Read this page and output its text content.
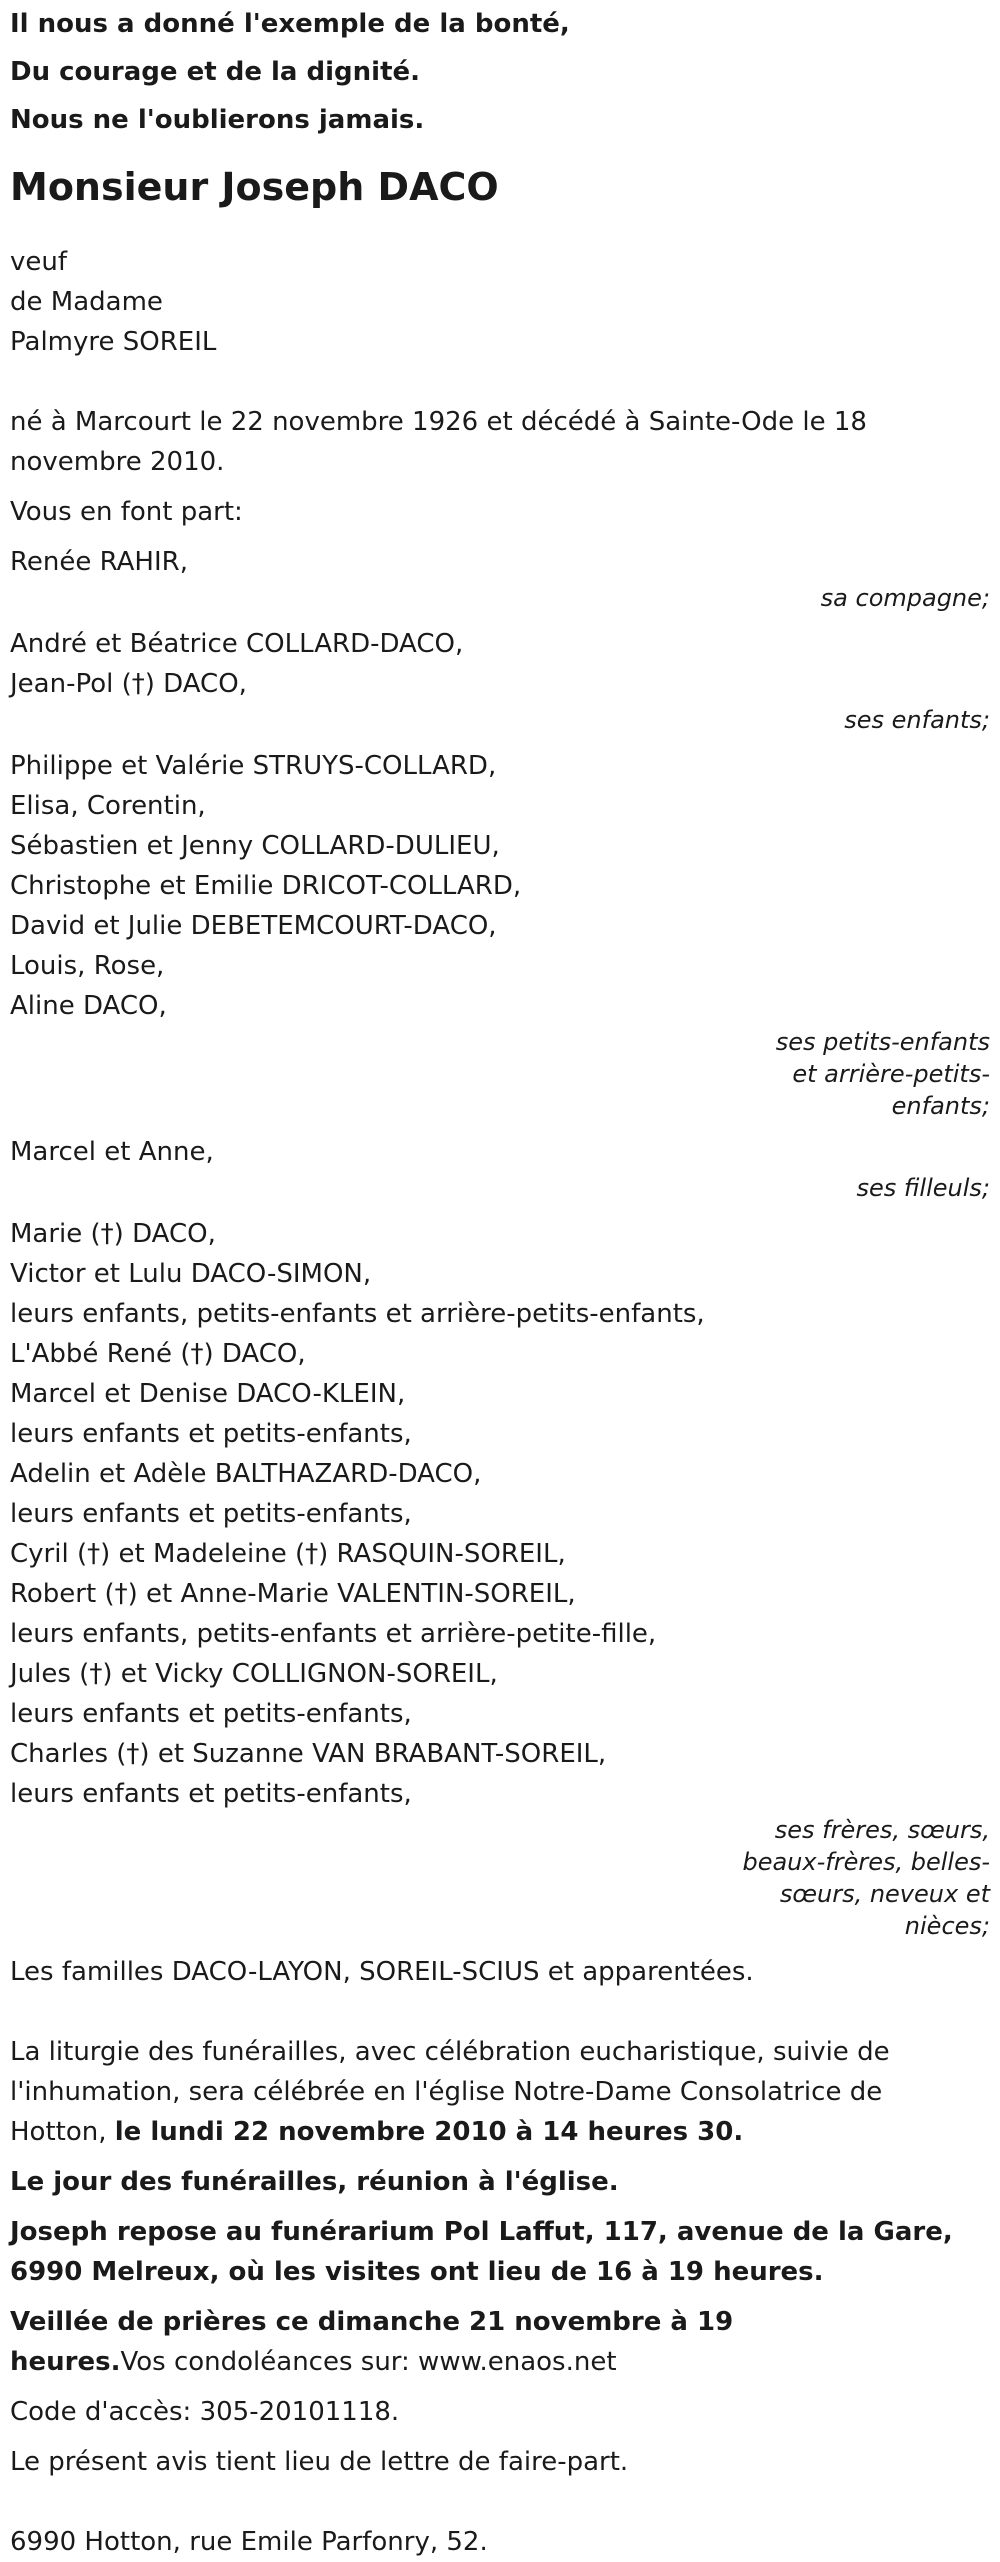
Il nous a donné l'exemple de la bonté,

Du courage et de la dignité.

Nous ne l'oublierons jamais.

Monsieur Joseph DACO
veuf
de Madame
Palmyre SOREIL
né à Marcourt le 22 novembre 1926 et décédé à Sainte-Ode le 18 novembre 2010.
Vous en font part:
Renée RAHIR,
sa compagne;
André et Béatrice COLLARD-DACO,
Jean-Pol (†) DACO,
ses enfants;
Philippe et Valérie STRUYS-COLLARD,
Elisa, Corentin,
Sébastien et Jenny COLLARD-DULIEU,
Christophe et Emilie DRICOT-COLLARD,
David et Julie DEBETEMCOURT-DACO,
Louis, Rose,
Aline DACO,
ses petits-enfants et arrière-petits-enfants;
Marcel et Anne,
ses filleuls;
Marie (†) DACO,
Victor et Lulu DACO-SIMON,
leurs enfants, petits-enfants et arrière-petits-enfants,
L'Abbé René (†) DACO,
Marcel et Denise DACO-KLEIN,
leurs enfants et petits-enfants,
Adelin et Adèle BALTHAZARD-DACO,
leurs enfants et petits-enfants,
Cyril (†) et Madeleine (†) RASQUIN-SOREIL,
Robert (†) et Anne-Marie VALENTIN-SOREIL,
leurs enfants, petits-enfants et arrière-petite-fille,
Jules (†) et Vicky COLLIGNON-SOREIL,
leurs enfants et petits-enfants,
Charles (†) et Suzanne VAN BRABANT-SOREIL,
leurs enfants et petits-enfants,
ses frères, sœurs, beaux-frères, belles-sœurs, neveux et nièces;
Les familles DACO-LAYON, SOREIL-SCIUS et apparentées.
La liturgie des funérailles, avec célébration eucharistique, suivie de l'inhumation, sera célébrée en l'église Notre-Dame Consolatrice de Hotton, le lundi 22 novembre 2010 à 14 heures 30.
Le jour des funérailles, réunion à l'église.
Joseph repose au funérarium Pol Laffut, 117, avenue de la Gare, 6990 Melreux, où les visites ont lieu de 16 à 19 heures.
Veillée de prières ce dimanche 21 novembre à 19 heures.Vos condoléances sur: www.enaos.net
Code d'accès: 305-20101118.
Le présent avis tient lieu de lettre de faire-part.
6990 Hotton, rue Emile Parfonry, 52.
